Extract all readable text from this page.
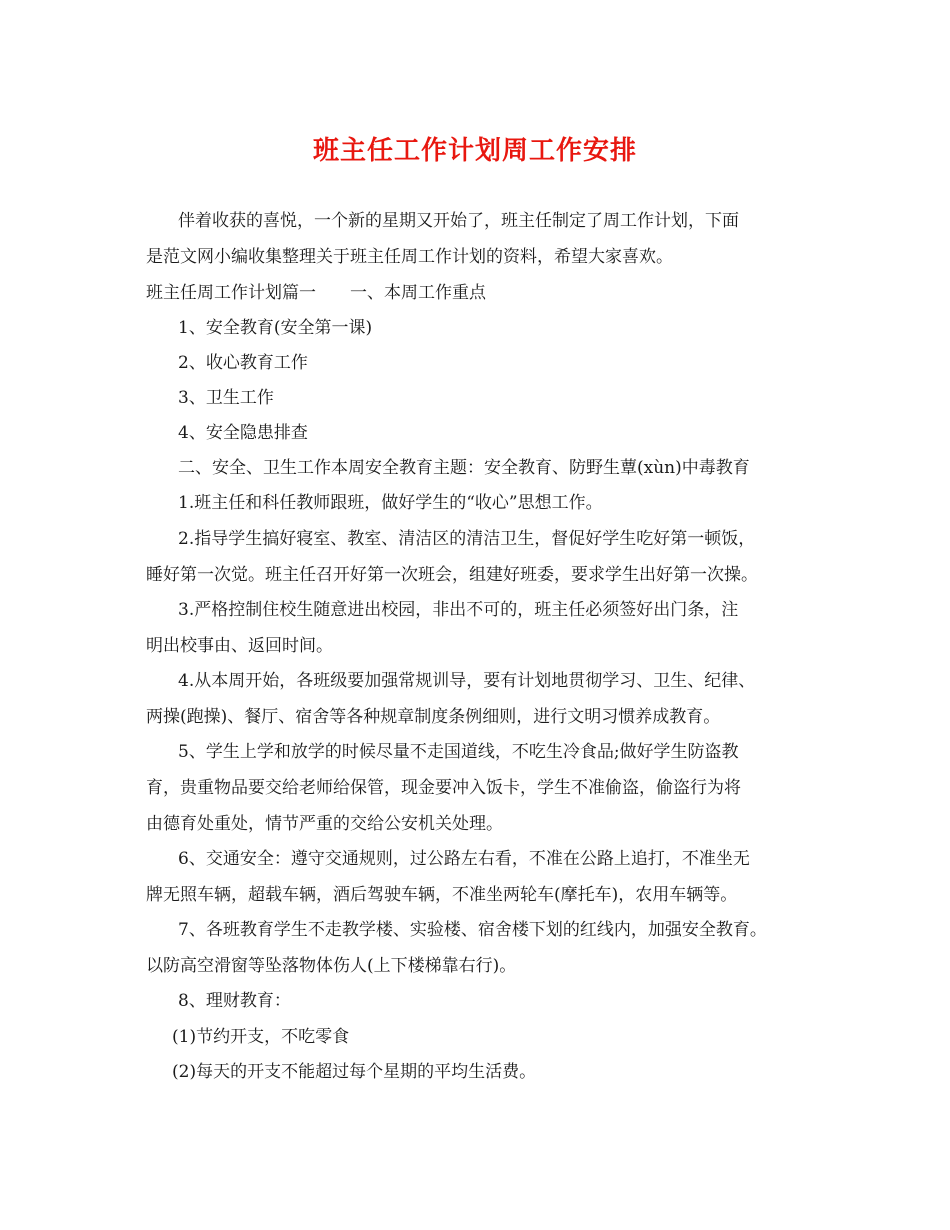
班主任工作计划周工作安排
伴着收获的喜悦，一个新的星期又开始了，班主任制定了周工作计划，下面
是范文网小编收集整理关于班主任周工作计划的资料，希望大家喜欢。
班主任周工作计划篇一　　一、本周工作重点
1、安全教育(安全第一课)
2、收心教育工作
3、卫生工作
4、安全隐患排查
二、安全、卫生工作本周安全教育主题：安全教育、防野生蕈(xùn)中毒教育
1.班主任和科任教师跟班，做好学生的“收心”思想工作。
2.指导学生搞好寝室、教室、清洁区的清洁卫生，督促好学生吃好第一顿饭，
睡好第一次觉。班主任召开好第一次班会，组建好班委，要求学生出好第一次操。
3.严格控制住校生随意进出校园，非出不可的，班主任必须签好出门条，注
明出校事由、返回时间。
4.从本周开始，各班级要加强常规训导，要有计划地贯彻学习、卫生、纪律、
两操(跑操)、餐厅、宿舍等各种规章制度条例细则，进行文明习惯养成教育。
5、学生上学和放学的时候尽量不走国道线，不吃生冷食品;做好学生防盗教
育，贵重物品要交给老师给保管，现金要冲入饭卡，学生不准偷盗，偷盗行为将
由德育处重处，情节严重的交给公安机关处理。
6、交通安全：遵守交通规则，过公路左右看，不准在公路上追打，不准坐无
牌无照车辆，超载车辆，酒后驾驶车辆，不准坐两轮车(摩托车)，农用车辆等。
7、各班教育学生不走教学楼、实验楼、宿舍楼下划的红线内，加强安全教育。
以防高空滑窗等坠落物体伤人(上下楼梯靠右行)。
8、理财教育：
(1)节约开支，不吃零食
(2)每天的开支不能超过每个星期的平均生活费。
